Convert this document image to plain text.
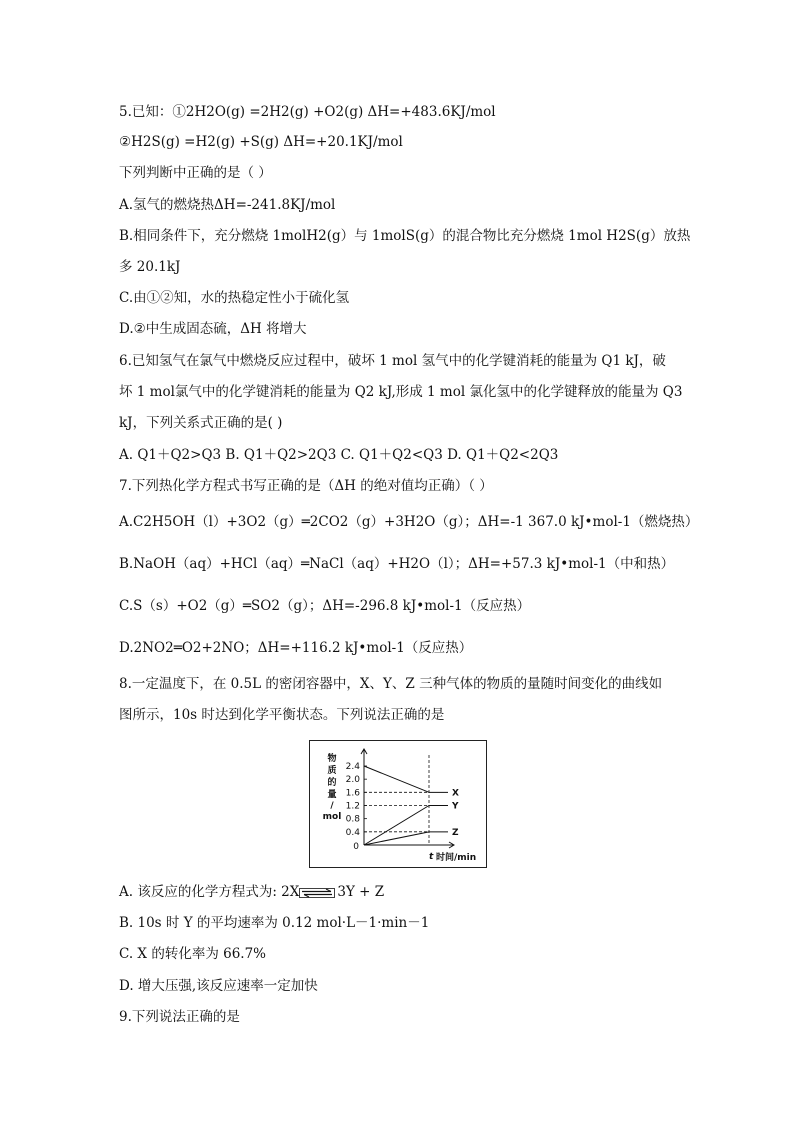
5.已知：①2H2O(g) =2H2(g) +O2(g) ΔH=+483.6KJ/mol
②H2S(g) =H2(g) +S(g) ΔH=+20.1KJ/mol
下列判断中正确的是（ ）
A.氢气的燃烧热ΔH=-241.8KJ/mol
B.相同条件下，充分燃烧 1molH2(g）与 1molS(g）的混合物比充分燃烧 1mol H2S(g）放热
多 20.1kJ
C.由①②知，水的热稳定性小于硫化氢
D.②中生成固态硫，ΔH 将增大
6.已知氢气在氯气中燃烧反应过程中，破坏 1 mol 氢气中的化学键消耗的能量为 Q1 kJ，破
坏 1 mol氯气中的化学键消耗的能量为 Q2 kJ,形成 1 mol 氯化氢中的化学键释放的能量为 Q3
kJ，下列关系式正确的是( )
A. Q1＋Q2>Q3 B. Q1＋Q2>2Q3 C. Q1＋Q2<Q3 D. Q1＋Q2<2Q3
7.下列热化学方程式书写正确的是（ΔH 的绝对值均正确）（ ）
A.C2H5OH（l）+3O2（g）═2CO2（g）+3H2O（g）；ΔH=-1 367.0 kJ•mol-1（燃烧热）
B.NaOH（aq）+HCl（aq）═NaCl（aq）+H2O（l）；ΔH=+57.3 kJ•mol-1（中和热）
C.S（s）+O2（g）═SO2（g）；ΔH=-296.8 kJ•mol-1（反应热）
D.2NO2═O2+2NO；ΔH=+116.2 kJ•mol-1（反应热）
8.一定温度下，在 0.5L 的密闭容器中，X、Y、Z 三种气体的物质的量随时间变化的曲线如
图所示，10s 时达到化学平衡状态。下列说法正确的是
物
质
的
量
/
mol
2.4
2.0
1.6
1.2
0.8
0.4
0
X
Y
Z
t 时间/min
A. 该反应的化学方程式为: 2X	3Y + Z
B. 10s 时 Y 的平均速率为 0.12 mol·L－1·min－1
C. X 的转化率为 66.7%
D. 增大压强,该反应速率一定加快
9.下列说法正确的是
